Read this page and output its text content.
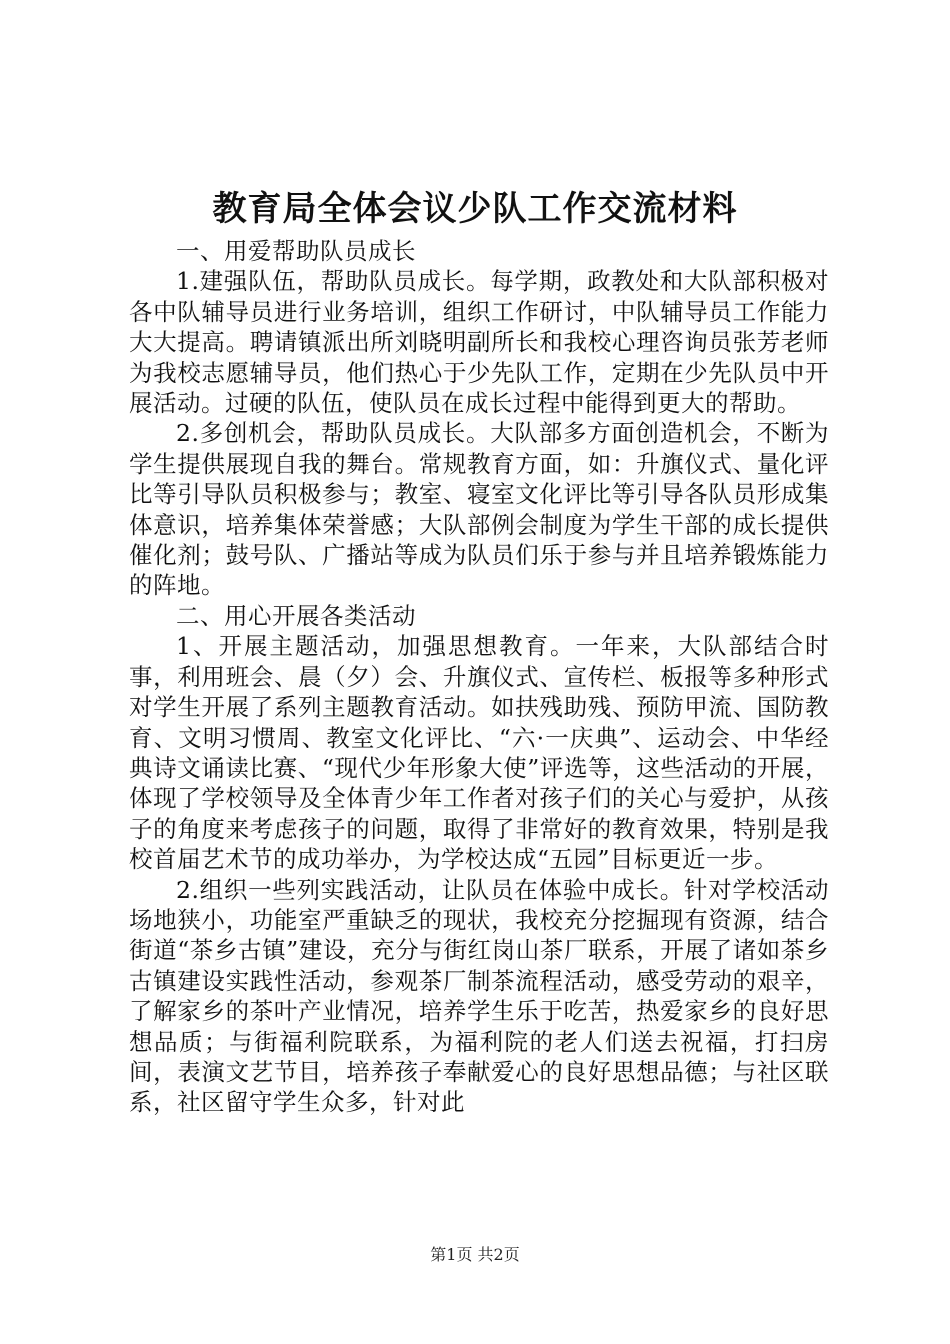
教育局全体会议少队工作交流材料

一、用爱帮助队员成长

1.建强队伍，帮助队员成长。每学期，政教处和大队部积极对各中队辅导员进行业务培训，组织工作研讨，中队辅导员工作能力大大提高。聘请镇派出所刘晓明副所长和我校心理咨询员张芳老师为我校志愿辅导员，他们热心于少先队工作，定期在少先队员中开展活动。过硬的队伍，使队员在成长过程中能得到更大的帮助。

2.多创机会，帮助队员成长。大队部多方面创造机会，不断为学生提供展现自我的舞台。常规教育方面，如：升旗仪式、量化评比等引导队员积极参与；教室、寝室文化评比等引导各队员形成集体意识，培养集体荣誉感；大队部例会制度为学生干部的成长提供催化剂；鼓号队、广播站等成为队员们乐于参与并且培养锻炼能力的阵地。

二、用心开展各类活动

1、开展主题活动，加强思想教育。一年来，大队部结合时事，利用班会、晨（夕）会、升旗仪式、宣传栏、板报等多种形式对学生开展了系列主题教育活动。如扶残助残、预防甲流、国防教育、文明习惯周、教室文化评比、“六·一庆典”、运动会、中华经典诗文诵读比赛、“现代少年形象大使”评选等，这些活动的开展，体现了学校领导及全体青少年工作者对孩子们的关心与爱护，从孩子的角度来考虑孩子的问题，取得了非常好的教育效果，特别是我校首届艺术节的成功举办，为学校达成“五园”目标更近一步。

2.组织一些列实践活动，让队员在体验中成长。针对学校活动场地狭小，功能室严重缺乏的现状，我校充分挖掘现有资源，结合街道“茶乡古镇”建设，充分与街红岗山茶厂联系，开展了诸如茶乡古镇建设实践性活动，参观茶厂制茶流程活动，感受劳动的艰辛，了解家乡的茶叶产业情况，培养学生乐于吃苦，热爱家乡的良好思想品质；与街福利院联系，为福利院的老人们送去祝福，打扫房间，表演文艺节目，培养孩子奉献爱心的良好思想品德；与社区联系，社区留守学生众多，针对此

第1页 共2页
